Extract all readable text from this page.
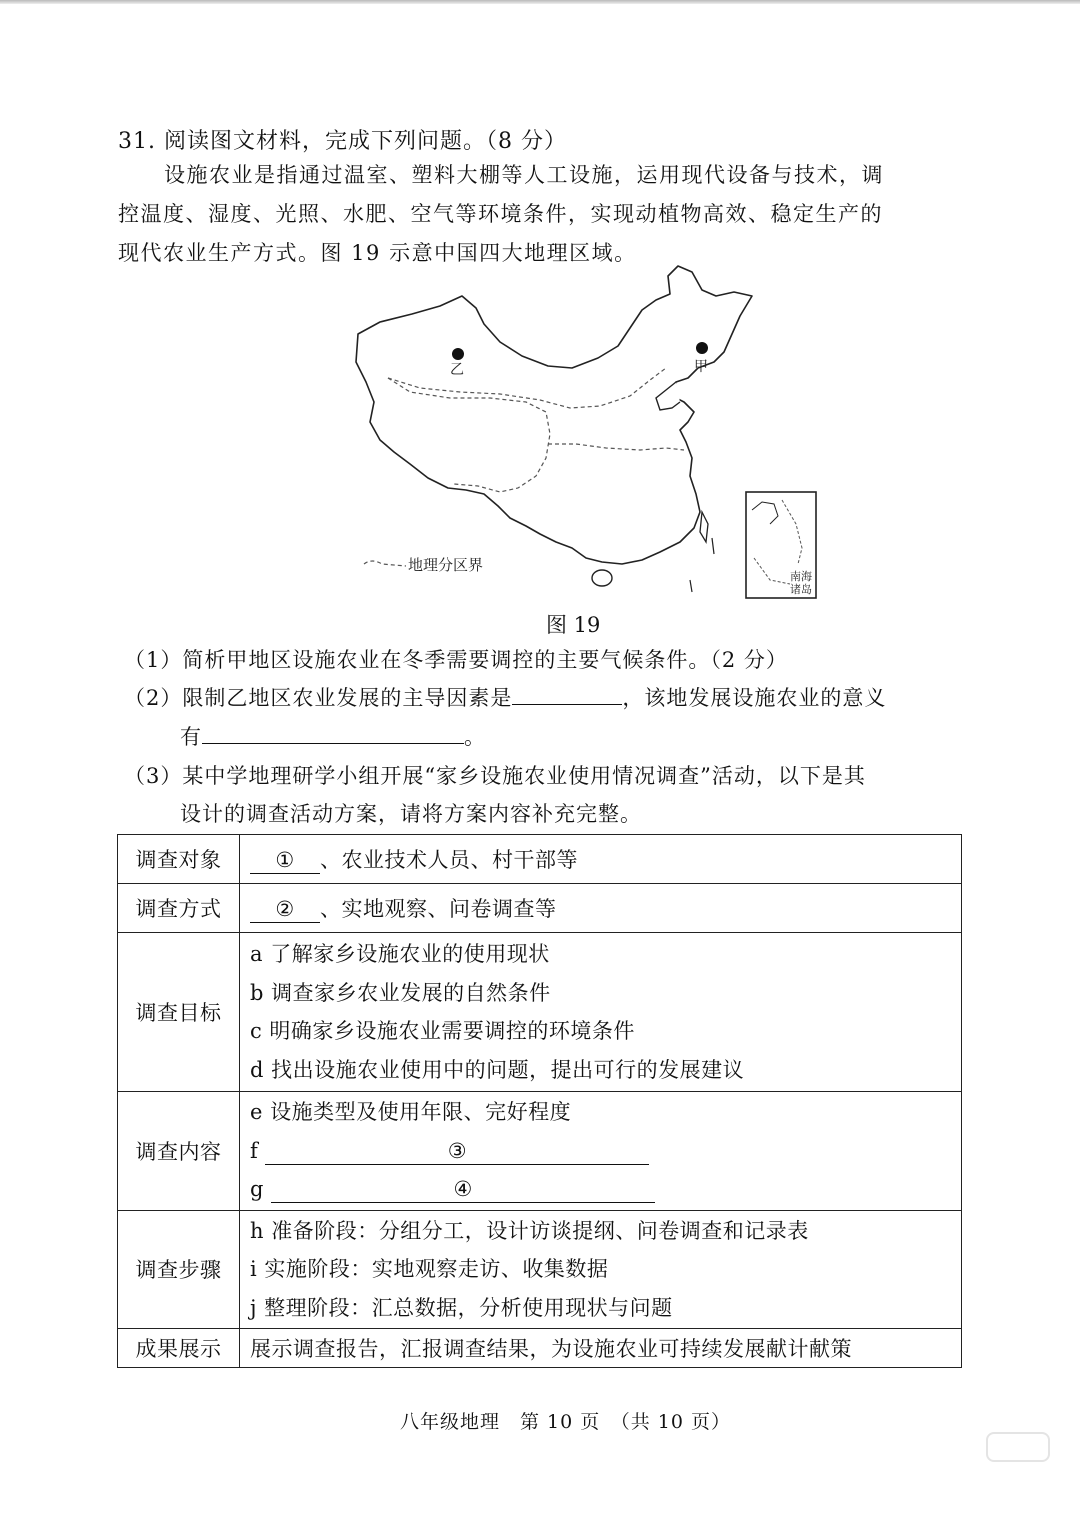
31. 阅读图文材料，完成下列问题。（8 分）
设施农业是指通过温室、塑料大棚等人工设施，运用现代设备与技术，调
控温度、湿度、光照、水肥、空气等环境条件，实现动植物高效、稳定生产的
现代农业生产方式。图 19 示意中国四大地理区域。
乙	甲
地理分区界
南海
诸岛
图 19
（1）简析甲地区设施农业在冬季需要调控的主要气候条件。（2 分）
（2）限制乙地区农业发展的主导因素是	，该地发展设施农业的意义
有	。
（3）某中学地理研学小组开展“家乡设施农业使用情况调查”活动，以下是其
设计的调查活动方案，请将方案内容补充完整。
调查对象	① 、农业技术人员、村干部等
调查方式	② 、实地观察、问卷调查等
调查目标	a 了解家乡设施农业的使用现状
b 调查家乡农业发展的自然条件
c 明确家乡设施农业需要调控的环境条件
d 找出设施农业使用中的问题，提出可行的发展建议

调查内容	e 设施类型及使用年限、完好程度
f ③
g ④

调查步骤	h 准备阶段：分组分工，设计访谈提纲、问卷调查和记录表
i 实施阶段：实地观察走访、收集数据
j 整理阶段：汇总数据，分析使用现状与问题

成果展示	展示调查报告，汇报调查结果，为设施农业可持续发展献计献策
八年级地理　第 10 页　（共 10 页）
